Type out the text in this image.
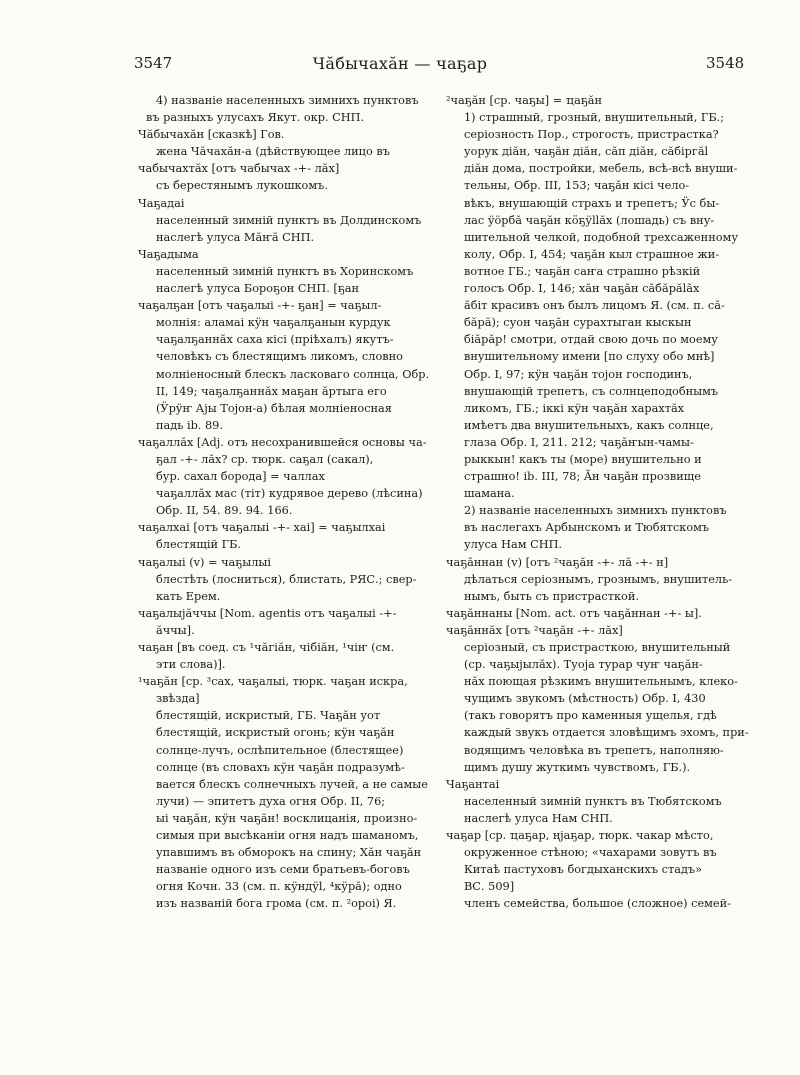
3547	Чăбычахăн — чаҕар	3548
4) названіе населенныхъ зимнихъ пунктовъ
въ разныхъ улусахъ Якут. окр. СНП.
Чăбычахăн [сказкѣ] Гов.
жена Чăчахăн-а (дѣйствующее лицо въ
чабычахтăх [отъ чабычах -+- лăх]
съ берестянымъ лукошкомъ.
Чаҕадаі
населенный зимній пунктъ въ Долдинскомъ
наслегѣ улуса Мăҥă СНП.
Чаҕадыма
населенный зимній пунктъ въ Хоринскомъ
наслегѣ улуса Бороҕон СНП. [ҕан
чаҕалҕан [отъ чаҕалыі -+- ҕан] = чаҕыл-
молнія: аламаі кӱн чаҕалҕанын курдук
чаҕалҕаннăх саха кісі (пріѣхалъ) якутъ-
человѣкъ съ блестящимъ ликомъ, словно
молніеносный блескъ ласковаго солнца, Обр.
II, 149; чаҕалҕаннăх маҕан ăртыга его
(Ӱрӱҥ Аjы Тоjон-а) бѣлая молніеносная
падь іb. 89.
чаҕаллăх [Adj. отъ несохранившейся основы ча-
ҕал -+- лăх? ср. тюрк. саҕал (сакал),
бур. сахал борода] = чаллах
чаҕаллăх мас (тіт) кудрявое дерево (лѣсина)
Обр. II, 54. 89. 94. 166.
чаҕалхаі [отъ чаҕалыі -+- хаі] = чаҕылхаі
блестящій ГБ.
чаҕалыі (v) = чаҕылыі
блестѣть (лосниться), блистать, РЯС.; свер-
кать Ерем.
чаҕалыjăччы [Nom. agentis отъ чаҕалыі -+-
ăччы].
чаҕан [въ соед. съ ¹чăгіăн, чібіăн, ¹чіҥ (см.
эти слова)].
¹чаҕăн [ср. ³сах, чаҕалыі, тюрк. чаҕан искра,
звѣзда]
блестящій, искристый, ГБ. Чаҕăн уот
блестящій, искристый огонь; кӱн чаҕăн
солнце-лучъ, ослѣпительное (блестящее)
солнце (въ словахъ кӱн чаҕăн подразумѣ-
вается блескъ солнечныхъ лучей, а не самые
лучи) — эпитетъ духа огня Обр. II, 76;
ыі чаҕăн, кӱн чаҕăн! восклицанія, произно-
симыя при высѣканіи огня надъ шаманомъ,
упавшимъ въ обморокъ на спину; Хăн чаҕăн
названіе одного изъ семи братьевъ-боговъ
огня Кочн. 33 (см. п. кӱндӱl, ⁴кӱрă); одно
изъ названій бога грома (см. п. ²ороі) Я.
²чаҕăн [ср. чаҕы] = ҵаҕăн
1) страшный, грозный, внушительный, ГБ.;
серіозность Пор., строгость, пристрастка?
уорук діăн, чаҕăн діăн, сăп дiăн, сăбiргăl
дiăн дома, постройки, мебель, всѣ-всѣ внуши-
тельны, Обр. III, 153; чаҕăн кісі чело-
вѣкъ, внушающій страхъ и трепетъ; Ӱс бы-
лас ӱöрбă чаҕăн кӧҕӱllăх (лошадь) съ вну-
шительной челкой, подобной трехсаженному
колу, Обр. I, 454; чаҕăн кыл страшное жи-
вотное ГБ.; чаҕăн саҥа страшно рѣзкій
голосъ Обр. I, 146; хăн чаҕăн сăбăрălăх
ăбiт красивъ онъ былъ лицомъ Я. (см. п. сă-
бăрă); суон чаҕăн сурахтыган кыскын
біăрăр! смотри, отдай свою дочь по моему
внушительному имени [по слуху обо мнѣ]
Обр. I, 97; кӱн чаҕăн тоjон господинъ,
внушающій трепетъ, съ солнцеподобнымъ
ликомъ, ГБ.; іккі кӱн чаҕăн харахтăх
имѣетъ два внушительныхъ, какъ солнце,
глаза Обр. I, 211. 212; чаҕăҥын-чамы-
рыккын! какъ ты (море) внушительно и
страшно! іb. III, 78; Ăн чаҕăн прозвище
шамана.
2) названіе населенныхъ зимнихъ пунктовъ
въ наслегахъ Арбынскомъ и Тюбятскомъ
улуса Нам СНП.
чаҕăннан (v) [отъ ²чаҕăн -+- лă -+- н]
дѣлаться серіознымъ, грознымъ, внушитель-
нымъ, быть съ пристрасткой.
чаҕăннаны [Nom. act. отъ чаҕăннан -+- ы].
чаҕăннăх [отъ ²чаҕăн -+- лăх]
серіозный, съ пристрасткою, внушительный
(ср. чаҕыjылăх). Туоjа турар чуҥ чаҕăн-
нăх поющая рѣзкимъ внушительнымъ, клеко-
чущимъ звукомъ (мѣстность) Обр. I, 430
(такъ говорятъ про каменныя ущелья, гдѣ
каждый звукъ отдается зловѣщимъ эхомъ, при-
водящимъ человѣка въ трепетъ, наполняю-
щимъ душу жуткимъ чувствомъ, ГБ.).
Чаҕантаі
населенный зимній пунктъ въ Тюбятскомъ
наслегѣ улуса Нам СНП.
чаҕар [ср. ҵаҕар, ңjаҕар, тюрк. чакар мѣсто,
окруженное стѣною; «чахарами зовутъ въ
Китаѣ пастуховъ богдыханскихъ стадъ»
ВС. 509]
членъ семейства, большое (сложное) семей-
